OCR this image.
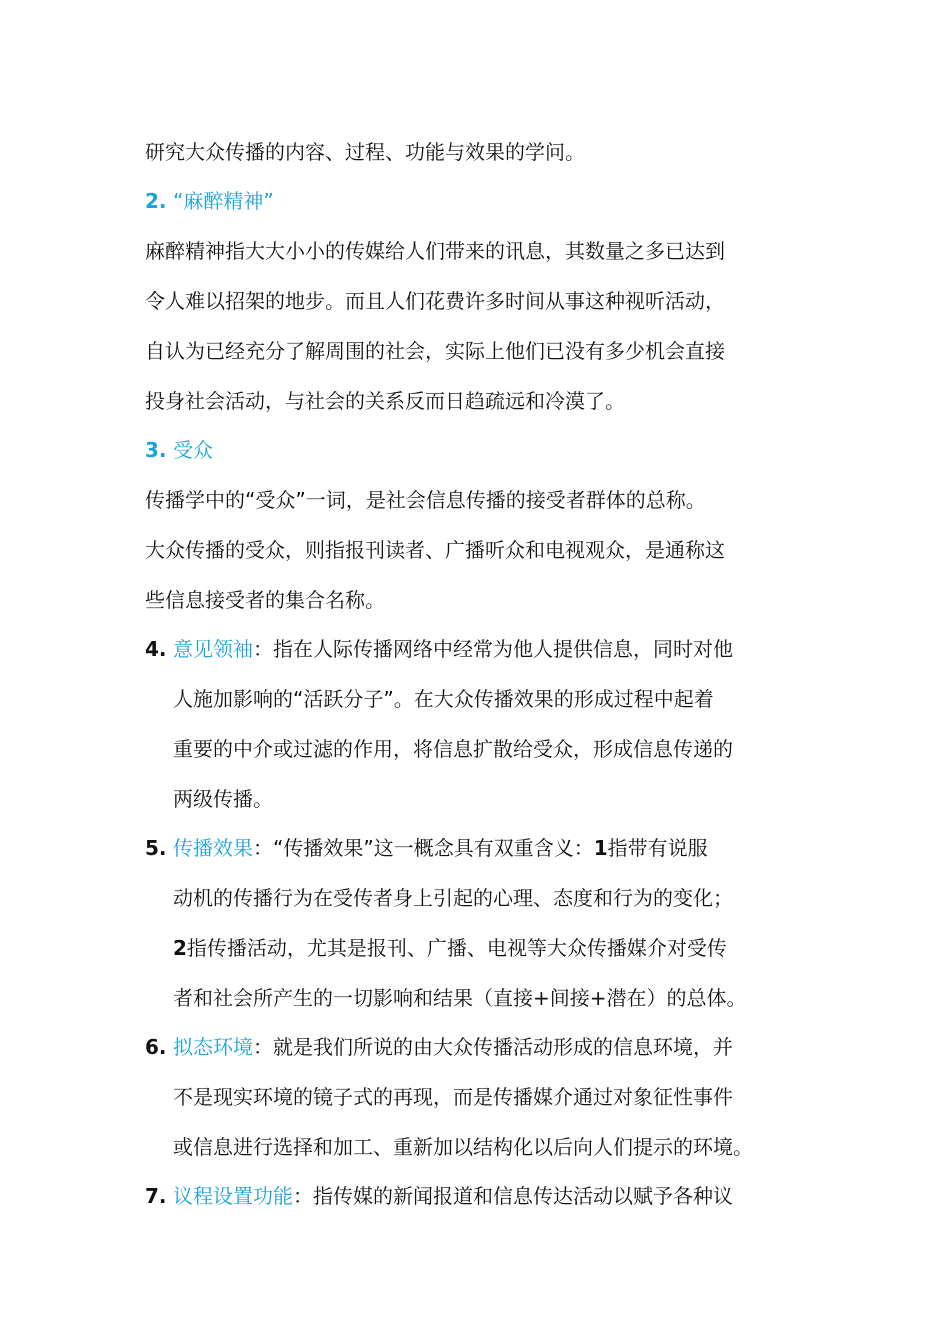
研究大众传播的内容、过程、功能与效果的学问。
2. “麻醉精神”
麻醉精神指大大小小的传媒给人们带来的讯息，其数量之多已达到
令人难以招架的地步。而且人们花费许多时间从事这种视听活动，
自认为已经充分了解周围的社会，实际上他们已没有多少机会直接
投身社会活动，与社会的关系反而日趋疏远和冷漠了。
3. 受众
传播学中的“受众”一词，是社会信息传播的接受者群体的总称。
大众传播的受众，则指报刊读者、广播听众和电视观众，是通称这
些信息接受者的集合名称。
4. 意见领袖：指在人际传播网络中经常为他人提供信息，同时对他
人施加影响的“活跃分子”。在大众传播效果的形成过程中起着
重要的中介或过滤的作用，将信息扩散给受众，形成信息传递的
两级传播。
5. 传播效果：“传播效果”这一概念具有双重含义：1指带有说服
动机的传播行为在受传者身上引起的心理、态度和行为的变化；
2指传播活动，尤其是报刊、广播、电视等大众传播媒介对受传
者和社会所产生的一切影响和结果（直接+间接+潜在）的总体。
6. 拟态环境：就是我们所说的由大众传播活动形成的信息环境，并
不是现实环境的镜子式的再现，而是传播媒介通过对象征性事件
或信息进行选择和加工、重新加以结构化以后向人们提示的环境。
7. 议程设置功能：指传媒的新闻报道和信息传达活动以赋予各种议
